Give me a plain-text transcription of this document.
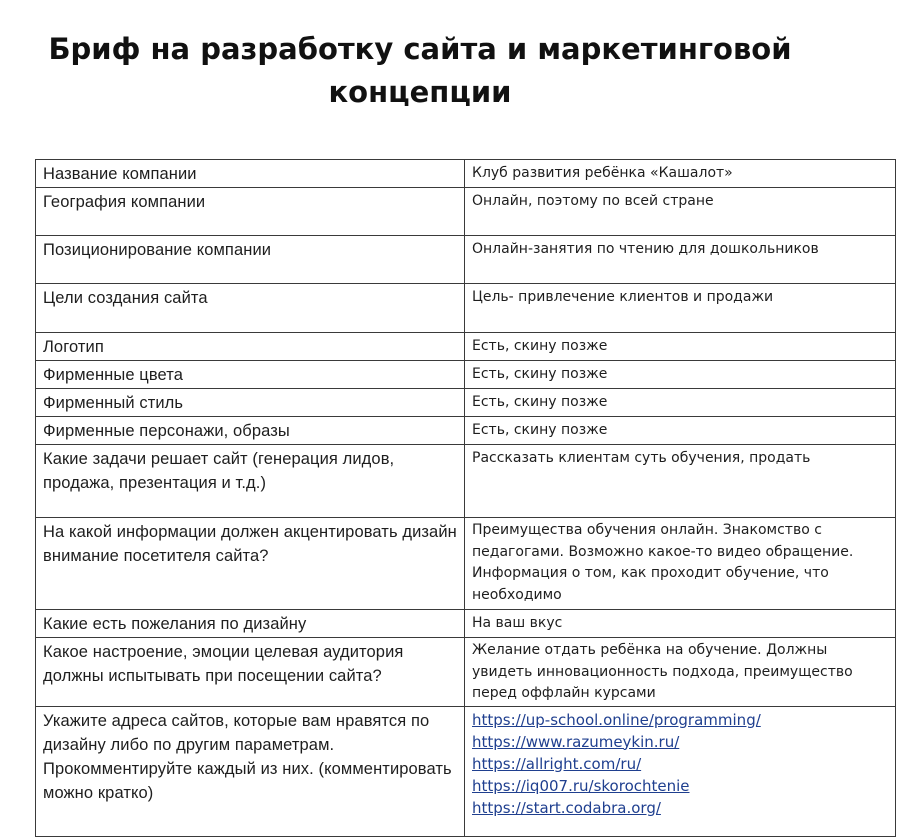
Бриф на разработку сайта и маркетинговой
концепции
Название компании	Клуб развития ребёнка «Кашалот»
География компании	Онлайн, поэтому по всей стране
Позиционирование компании	Онлайн-занятия по чтению для дошкольников
Цели создания сайта	Цель- привлечение клиентов и продажи
Логотип	Есть, скину позже
Фирменные цвета	Есть, скину позже
Фирменный стиль	Есть, скину позже
Фирменные персонажи, образы	Есть, скину позже
Какие задачи решает сайт (генерация лидов, продажа, презентация и т.д.)	Рассказать клиентам суть обучения, продать
На какой информации должен акцентировать дизайн внимание посетителя сайта?	Преимущества обучения онлайн. Знакомство с педагогами. Возможно какое-то видео обращение. Информация о том, как проходит обучение, что необходимо
Какие есть пожелания по дизайну	На ваш вкус
Какое настроение, эмоции целевая аудитория должны испытывать при посещении сайта?	Желание отдать ребёнка на обучение. Должны увидеть инновационность подхода, преимущество перед оффлайн курсами
Укажите адреса сайтов, которые вам нравятся по дизайну либо по другим параметрам. Прокомментируйте каждый из них. (комментировать можно кратко)	https://up-school.online/programming/
https://www.razumeykin.ru/
https://allright.com/ru/
https://iq007.ru/skorochtenie
https://start.codabra.org/
